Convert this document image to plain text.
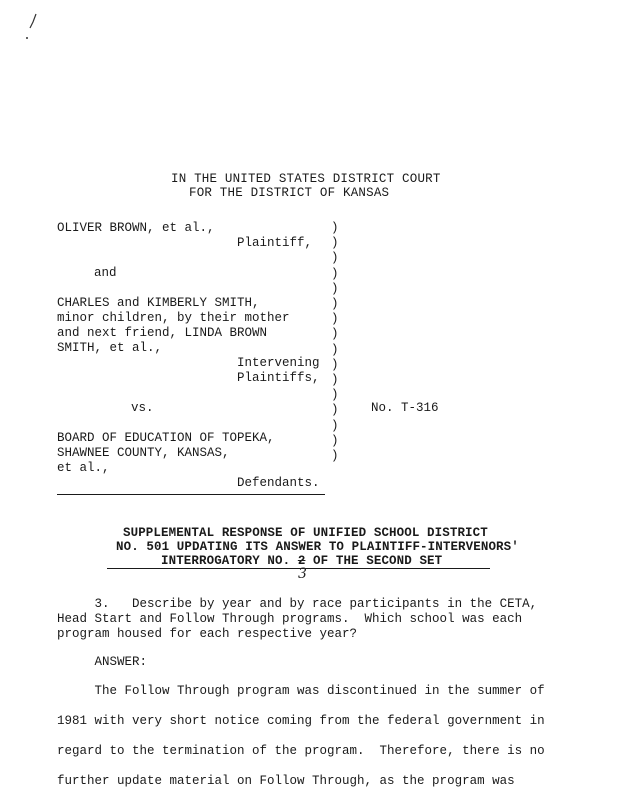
IN THE UNITED STATES DISTRICT COURT
FOR THE DISTRICT OF KANSAS
OLIVER BROWN, et al.,
Plaintiff,
and
CHARLES and KIMBERLY SMITH,
minor children, by their mother
and next friend, LINDA BROWN
SMITH, et al.,
Intervening
Plaintiffs,
vs.
BOARD OF EDUCATION OF TOPEKA,
SHAWNEE COUNTY, KANSAS,
et al.,
Defendants.
)
)
)
)
)
)
)
)
)
)
)
)
)
)
)
)
No. T-316
SUPPLEMENTAL RESPONSE OF UNIFIED SCHOOL DISTRICT
NO. 501 UPDATING ITS ANSWER TO PLAINTIFF-INTERVENORS'
INTERROGATORY NO. 2 OF THE SECOND SET
3
3.   Describe by year and by race participants in the CETA,
Head Start and Follow Through programs.  Which school was each
program housed for each respective year?
ANSWER:
The Follow Through program was discontinued in the summer of
1981 with very short notice coming from the federal government in
regard to the termination of the program.  Therefore, there is no
further update material on Follow Through, as the program was
